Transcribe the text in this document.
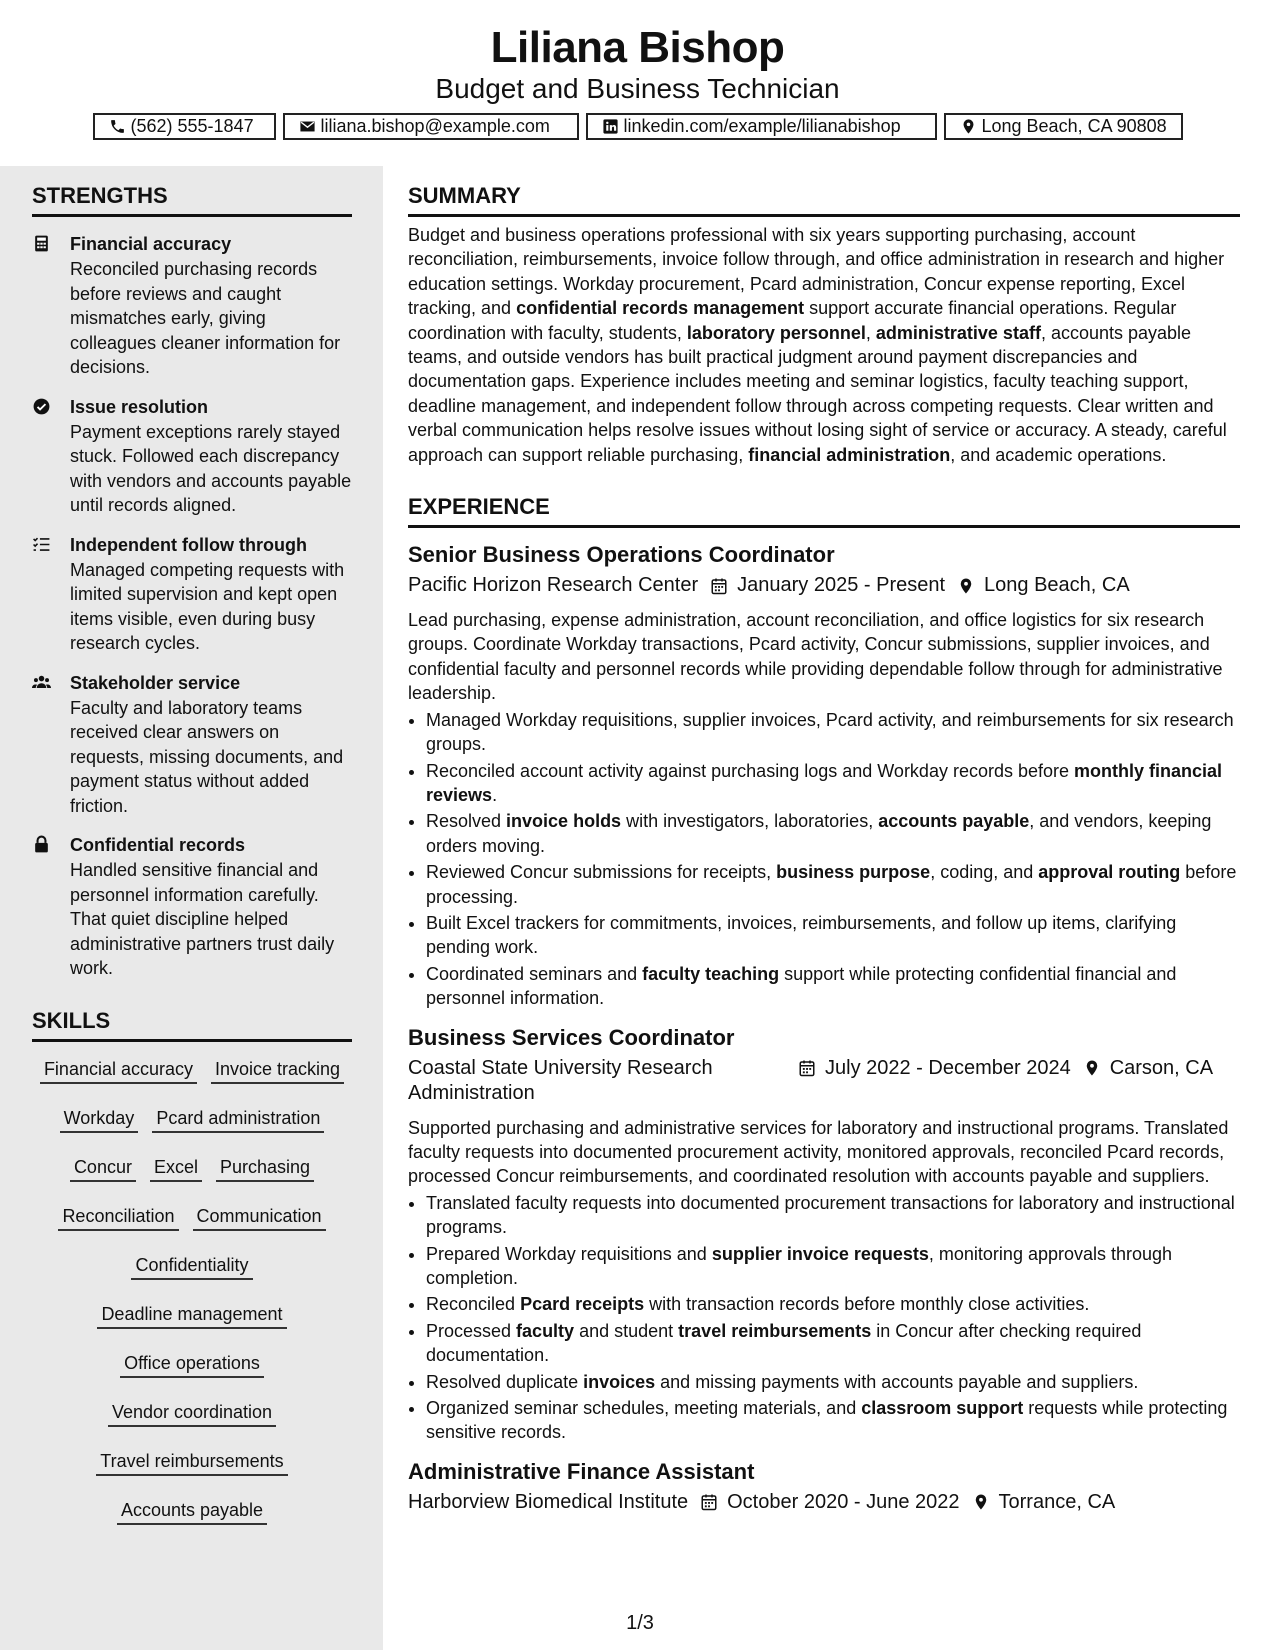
Liliana Bishop
Budget and Business Technician
(562) 555-1847	liliana.bishop@example.com	linkedin.com/example/lilianabishop	Long Beach, CA 90808
STRENGTHS
Financial accuracy
Reconciled purchasing records before reviews and caught mismatches early, giving colleagues cleaner information for decisions.
Issue resolution
Payment exceptions rarely stayed stuck. Followed each discrepancy with vendors and accounts payable until records aligned.
Independent follow through
Managed competing requests with limited supervision and kept open items visible, even during busy research cycles.
Stakeholder service
Faculty and laboratory teams received clear answers on requests, missing documents, and payment status without added friction.
Confidential records
Handled sensitive financial and personnel information carefully. That quiet discipline helped administrative partners trust daily work.
SKILLS
Financial accuracy Invoice tracking
Workday Pcard administration
Concur Excel Purchasing
Reconciliation Communication
Confidentiality
Deadline management
Office operations
Vendor coordination
Travel reimbursements
Accounts payable
SUMMARY
Budget and business operations professional with six years supporting purchasing, account reconciliation, reimbursements, invoice follow through, and office administration in research and higher education settings. Workday procurement, Pcard administration, Concur expense reporting, Excel tracking, and confidential records management support accurate financial operations. Regular coordination with faculty, students, laboratory personnel, administrative staff, accounts payable teams, and outside vendors has built practical judgment around payment discrepancies and documentation gaps. Experience includes meeting and seminar logistics, faculty teaching support, deadline management, and independent follow through across competing requests. Clear written and verbal communication helps resolve issues without losing sight of service or accuracy. A steady, careful approach can support reliable purchasing, financial administration, and academic operations.
EXPERIENCE
Senior Business Operations Coordinator
Pacific Horizon Research Center January 2025 - Present Long Beach, CA
Lead purchasing, expense administration, account reconciliation, and office logistics for six research groups. Coordinate Workday transactions, Pcard activity, Concur submissions, supplier invoices, and confidential faculty and personnel records while providing dependable follow through for administrative leadership.
• Managed Workday requisitions, supplier invoices, Pcard activity, and reimbursements for six research groups.
• Reconciled account activity against purchasing logs and Workday records before monthly financial reviews.
• Resolved invoice holds with investigators, laboratories, accounts payable, and vendors, keeping orders moving.
• Reviewed Concur submissions for receipts, business purpose, coding, and approval routing before processing.
• Built Excel trackers for commitments, invoices, reimbursements, and follow up items, clarifying pending work.
• Coordinated seminars and faculty teaching support while protecting confidential financial and personnel information.
Business Services Coordinator
Coastal State University Research Administration
July 2022 - December 2024 Carson, CA
Supported purchasing and administrative services for laboratory and instructional programs. Translated faculty requests into documented procurement activity, monitored approvals, reconciled Pcard records, processed Concur reimbursements, and coordinated resolution with accounts payable and suppliers.
• Translated faculty requests into documented procurement transactions for laboratory and instructional programs.
• Prepared Workday requisitions and supplier invoice requests, monitoring approvals through completion.
• Reconciled Pcard receipts with transaction records before monthly close activities.
• Processed faculty and student travel reimbursements in Concur after checking required documentation.
• Resolved duplicate invoices and missing payments with accounts payable and suppliers.
• Organized seminar schedules, meeting materials, and classroom support requests while protecting sensitive records.
Administrative Finance Assistant
Harborview Biomedical Institute October 2020 - June 2022 Torrance, CA
1/3
